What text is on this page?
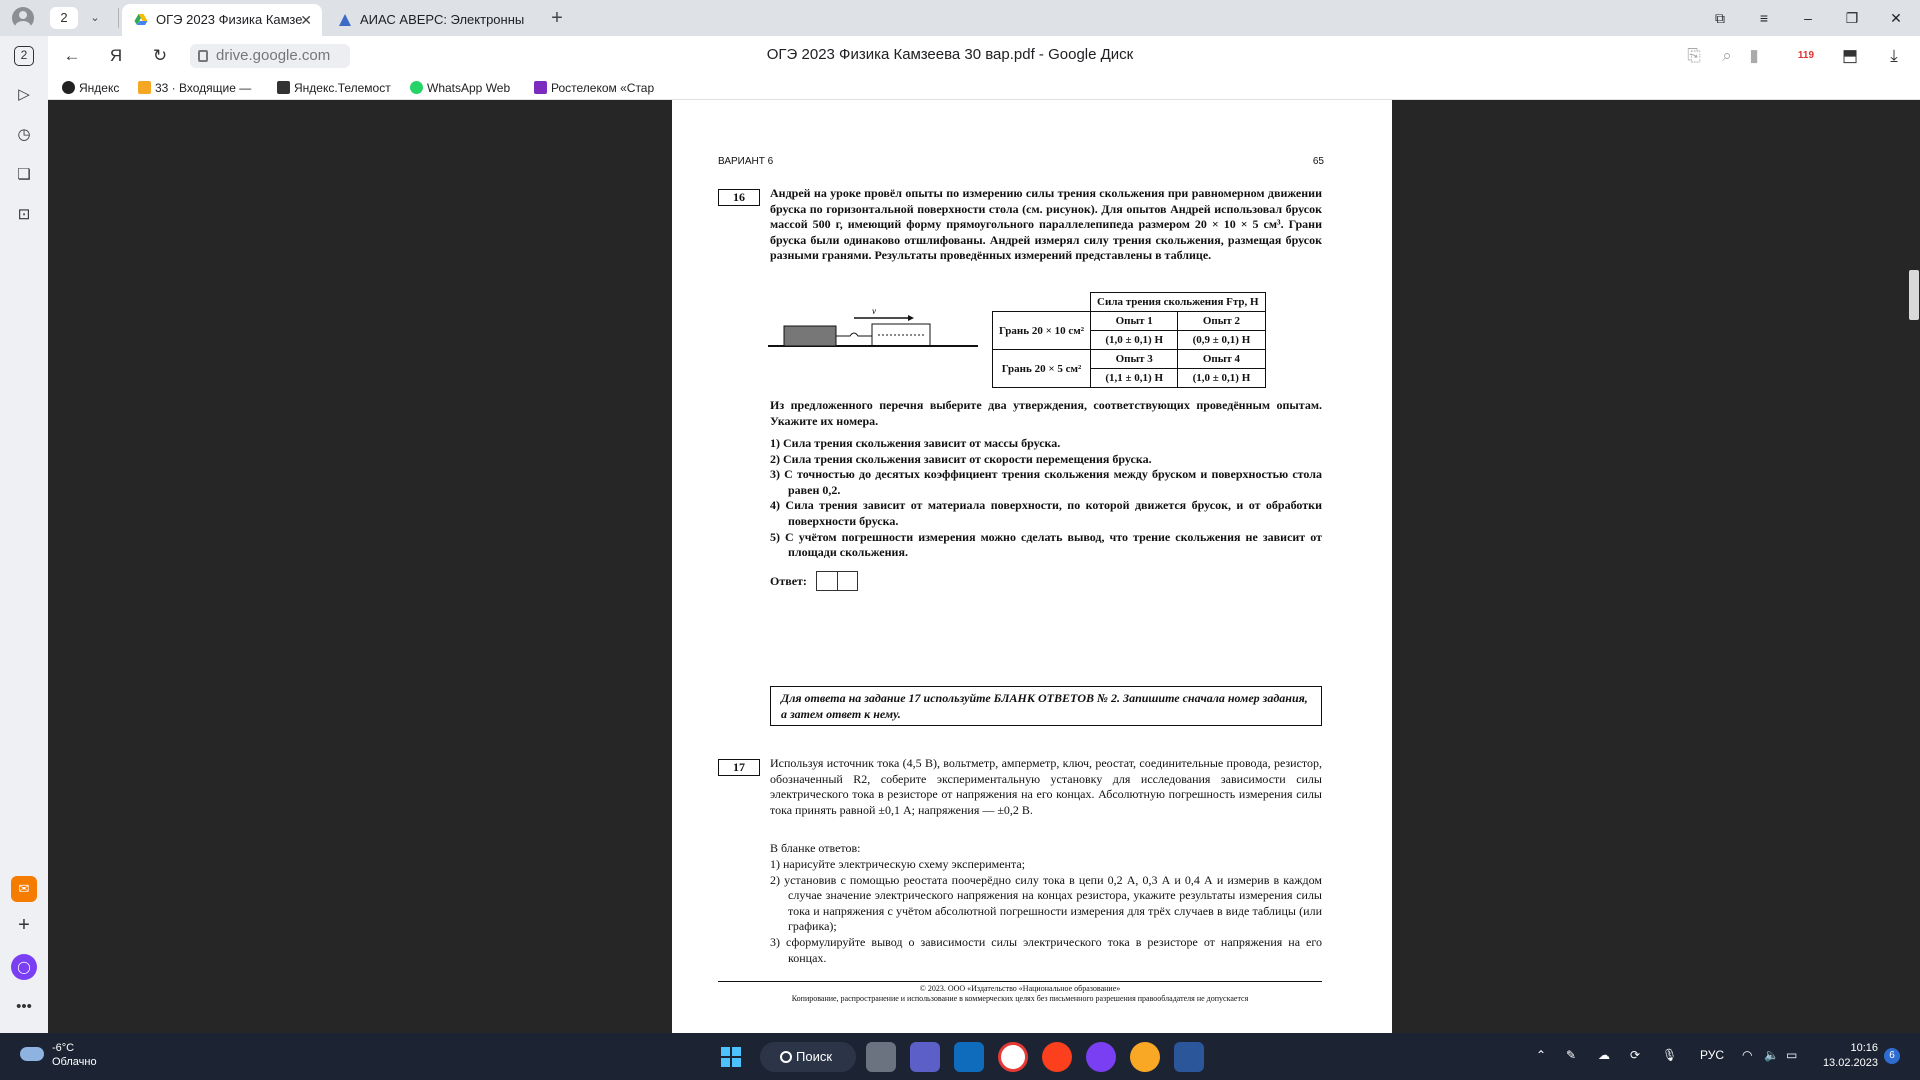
2	⌄	ОГЭ 2023 Физика Камзе
✕	АИАС АВЕРС: Электронны	+	⧉	≡	–	❐	✕
←	Я	↻	drive.google.com	ОГЭ 2023 Физика Камзеева 30 вар.pdf - Google Диск	⎘	⌕	▮	119	⬒	⤓
Яндекс	33 · Входящие —	Яндекс.Телемост	WhatsApp Web	Ростелеком «Стар
2
▷
◷
❏
⊡
✉
+
◯
•••
ВАРИАНТ 6	65
16	Андрей на уроке провёл опыты по измерению силы трения скольжения при равномерном движении бруска по горизонтальной поверхности стола (см. рисунок). Для опытов Андрей использовал брусок массой 500 г, имеющий форму прямоугольного параллелепипеда размером 20 × 10 × 5 см³. Грани бруска были одинаково отшлифованы. Андрей измерял силу трения скольжения, размещая брусок разными гранями. Результаты проведённых измерений представлены в таблице.
v⃗
	Сила трения скольжения Fтр, Н	
Грань 20 × 10 см²	Опыт 1	Опыт 2
	(1,0 ± 0,1) Н	(0,9 ± 0,1) Н
Грань 20 × 5 см²	Опыт 3	Опыт 4
	(1,1 ± 0,1) Н	(1,0 ± 0,1) Н
Из предложенного перечня выберите два утверждения, соответствующих проведённым опытам. Укажите их номера.
1) Сила трения скольжения зависит от массы бруска.
2) Сила трения скольжения зависит от скорости перемещения бруска.
3) С точностью до десятых коэффициент трения скольжения между бруском и поверхностью стола равен 0,2.
4) Сила трения зависит от материала поверхности, по которой движется брусок, и от обработки поверхности бруска.
5) С учётом погрешности измерения можно сделать вывод, что трение скольжения не зависит от площади скольжения.
Ответ:
Для ответа на задание 17 используйте БЛАНК ОТВЕТОВ № 2. Запишите сначала номер задания, а затем ответ к нему.
17	Используя источник тока (4,5 В), вольтметр, амперметр, ключ, реостат, соединительные провода, резистор, обозначенный R2, соберите экспериментальную установку для исследования зависимости силы электрического тока в резисторе от напряжения на его концах. Абсолютную погрешность измерения силы тока принять равной ±0,1 А; напряжения — ±0,2 В.
В бланке ответов:
1) нарисуйте электрическую схему эксперимента;
2) установив с помощью реостата поочерёдно силу тока в цепи 0,2 А, 0,3 А и 0,4 А и измерив в каждом случае значение электрического напряжения на концах резистора, укажите результаты измерения силы тока и напряжения с учётом абсолютной погрешности измерения для трёх случаев в виде таблицы (или графика);
3) сформулируйте вывод о зависимости силы электрического тока в резисторе от напряжения на его концах.
© 2023. ООО «Издательство «Национальное образование»
Копирование, распространение и использование в коммерческих целях без письменного разрешения правообладателя не допускается
-6°C
Облачно	Поиск	⌃ ✎ ☁ ⟳ 🎙 РУС ◠ 🔈 ▭	10:16
13.02.2023
6
